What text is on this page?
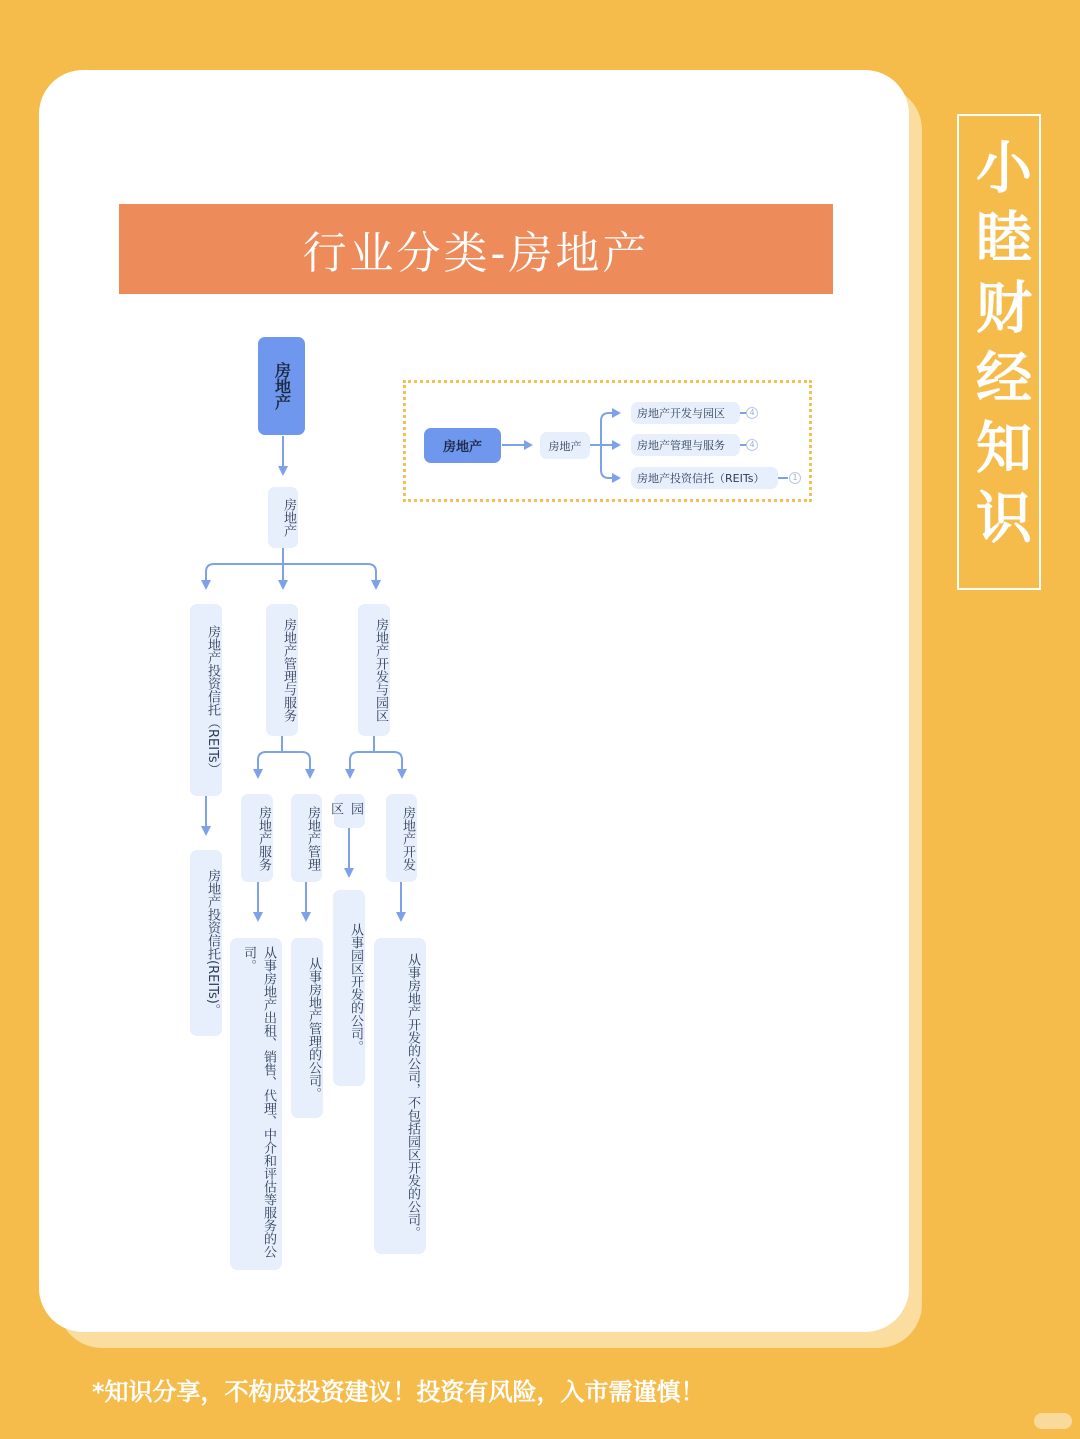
行业分类-房地产	小睦财经知识
房地产
房地产
房地产开发与园区
房地产管理与服务
房地产投资信托（REITs）
房地产开发
园区
房地产管理
房地产服务
从事房地产开发的公司，不包括园区开发的公司。
从事园区开发的公司。
从事房地产管理的公司。
从事房地产出租、销售、代理、中介和评估等服务的公司。
房地产投资信托(REITs)。
房地产	房地产
房地产开发与园区
房地产管理与服务
房地产投资信托（REITs）
4
4
1
*知识分享，不构成投资建议！投资有风险，入市需谨慎！
